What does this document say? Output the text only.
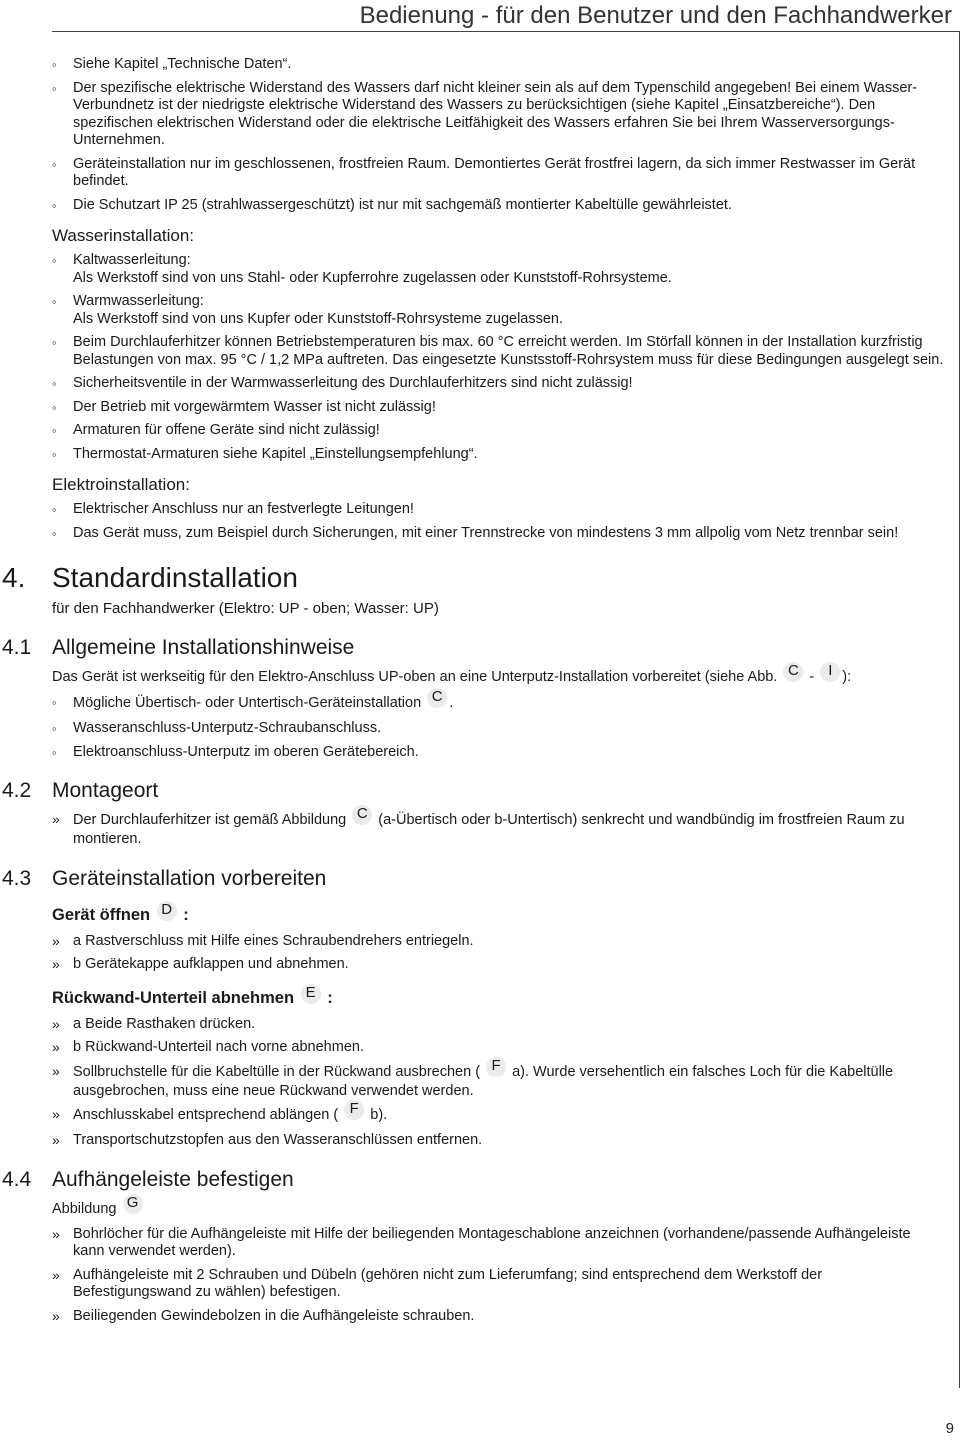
Bedienung - für den Benutzer und den Fachhandwerker
◦ Siehe Kapitel „Technische Daten“.
◦ Der spezifische elektrische Widerstand des Wassers darf nicht kleiner sein als auf dem Typenschild angegeben! Bei einem Wasser-Verbundnetz ist der niedrigste elektrische Widerstand des Wassers zu berücksichtigen (siehe Kapitel „Einsatzbereiche“). Den spezifischen elektrischen Widerstand oder die elektrische Leitfähigkeit des Wassers erfahren Sie bei Ihrem Wasserversorgungs-Unternehmen.
◦ Geräteinstallation nur im geschlossenen, frostfreien Raum. Demontiertes Gerät frostfrei lagern, da sich immer Restwasser im Gerät befindet.
◦ Die Schutzart IP 25 (strahlwassergeschützt) ist nur mit sachgemäß montierter Kabeltülle gewährleistet.
Wasserinstallation:
◦ Kaltwasserleitung:
Als Werkstoff sind von uns Stahl- oder Kupferrohre zugelassen oder Kunststoff-Rohrsysteme.
◦ Warmwasserleitung:
Als Werkstoff sind von uns Kupfer oder Kunststoff-Rohrsysteme zugelassen.
◦ Beim Durchlauferhitzer können Betriebstemperaturen bis max. 60 °C erreicht werden. Im Störfall können in der Installation kurzfristig Belastungen von max. 95 °C / 1,2 MPa auftreten. Das eingesetzte Kunstsstoff-Rohrsystem muss für diese Bedingungen ausgelegt sein.
◦ Sicherheitsventile in der Warmwasserleitung des Durchlauferhitzers sind nicht zulässig!
◦ Der Betrieb mit vorgewärmtem Wasser ist nicht zulässig!
◦ Armaturen für offene Geräte sind nicht zulässig!
◦ Thermostat-Armaturen siehe Kapitel „Einstellungsempfehlung“.
Elektroinstallation:
◦ Elektrischer Anschluss nur an festverlegte Leitungen!
◦ Das Gerät muss, zum Beispiel durch Sicherungen, mit einer Trennstrecke von mindestens 3 mm allpolig vom Netz trennbar sein!
4. Standardinstallation
für den Fachhandwerker (Elektro: UP - oben; Wasser: UP)
4.1 Allgemeine Installationshinweise
Das Gerät ist werkseitig für den Elektro-Anschluss UP-oben an eine Unterputz-Installation vorbereitet (siehe Abb. C - I ):
◦ Mögliche Übertisch- oder Untertisch-Geräteinstallation C .
◦ Wasseranschluss-Unterputz-Schraubanschluss.
◦ Elektroanschluss-Unterputz im oberen Gerätebereich.
4.2 Montageort
» Der Durchlauferhitzer ist gemäß Abbildung C (a-Übertisch oder b-Untertisch) senkrecht und wandbündig im frostfreien Raum zu montieren.
4.3 Geräteinstallation vorbereiten
Gerät öffnen D :
» a Rastverschluss mit Hilfe eines Schraubendrehers entriegeln.
» b Gerätekappe aufklappen und abnehmen.
Rückwand-Unterteil abnehmen E :
» a Beide Rasthaken drücken.
» b Rückwand-Unterteil nach vorne abnehmen.
» Sollbruchstelle für die Kabeltülle in der Rückwand ausbrechen ( F a). Wurde versehentlich ein falsches Loch für die Kabeltülle ausgebrochen, muss eine neue Rückwand verwendet werden.
» Anschlusskabel entsprechend ablängen ( F b).
» Transportschutzstopfen aus den Wasseranschlüssen entfernen.
4.4 Aufhängeleiste befestigen
Abbildung G
» Bohrlöcher für die Aufhängeleiste mit Hilfe der beiliegenden Montageschablone anzeichnen (vorhandene/passende Aufhängeleiste kann verwendet werden).
» Aufhängeleiste mit 2 Schrauben und Dübeln (gehören nicht zum Lieferumfang; sind entsprechend dem Werkstoff der Befestigungswand zu wählen) befestigen.
» Beiliegenden Gewindebolzen in die Aufhängeleiste schrauben.
9
